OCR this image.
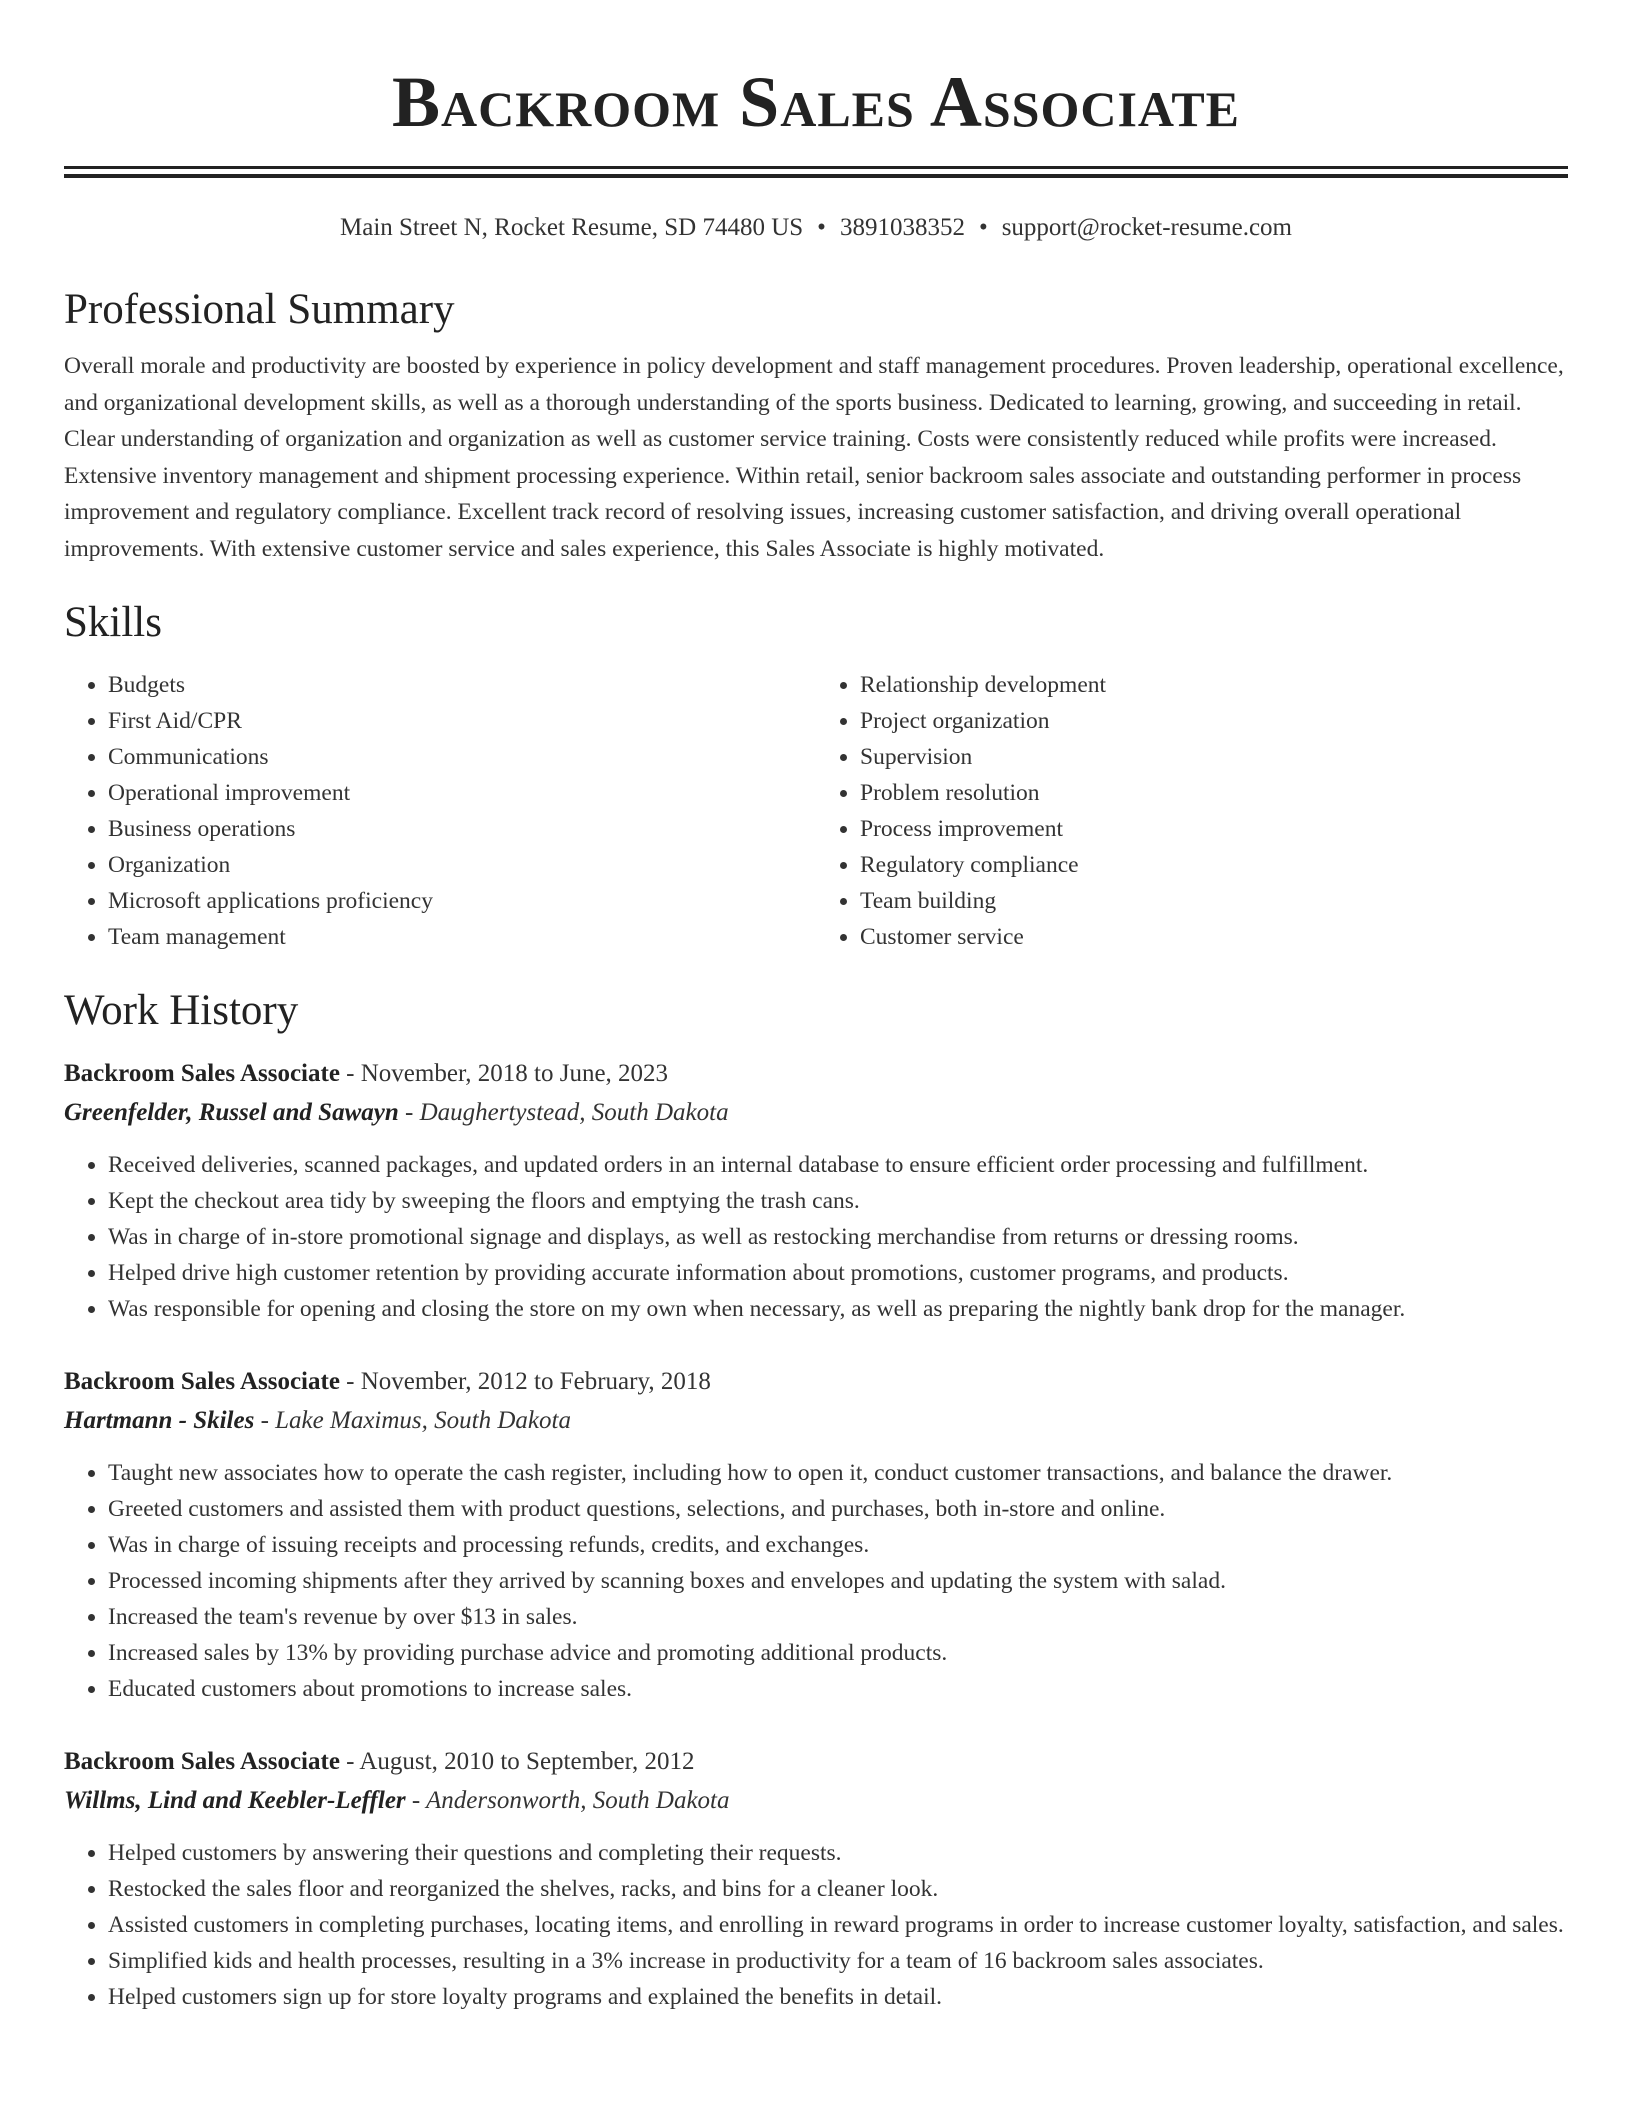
Backroom Sales Associate
Main Street N, Rocket Resume, SD 74480 US • 3891038352 • support@rocket-resume.com
Professional Summary

Overall morale and productivity are boosted by experience in policy development and staff management procedures. Proven leadership, operational excellence, and organizational development skills, as well as a thorough understanding of the sports business. Dedicated to learning, growing, and succeeding in retail. Clear understanding of organization and organization as well as customer service training. Costs were consistently reduced while profits were increased. Extensive inventory management and shipment processing experience. Within retail, senior backroom sales associate and outstanding performer in process improvement and regulatory compliance. Excellent track record of resolving issues, increasing customer satisfaction, and driving overall operational improvements. With extensive customer service and sales experience, this Sales Associate is highly motivated.

Skills
• Budgets
• First Aid/CPR
• Communications
• Operational improvement
• Business operations
• Organization
• Microsoft applications proficiency
• Team management
• Relationship development
• Project organization
• Supervision
• Problem resolution
• Process improvement
• Regulatory compliance
• Team building
• Customer service
Work History
Backroom Sales Associate - November, 2018 to June, 2023
Greenfelder, Russel and Sawayn - Daughertystead, South Dakota
• Received deliveries, scanned packages, and updated orders in an internal database to ensure efficient order processing and fulfillment.
• Kept the checkout area tidy by sweeping the floors and emptying the trash cans.
• Was in charge of in-store promotional signage and displays, as well as restocking merchandise from returns or dressing rooms.
• Helped drive high customer retention by providing accurate information about promotions, customer programs, and products.
• Was responsible for opening and closing the store on my own when necessary, as well as preparing the nightly bank drop for the manager.
Backroom Sales Associate - November, 2012 to February, 2018
Hartmann - Skiles - Lake Maximus, South Dakota
• Taught new associates how to operate the cash register, including how to open it, conduct customer transactions, and balance the drawer.
• Greeted customers and assisted them with product questions, selections, and purchases, both in-store and online.
• Was in charge of issuing receipts and processing refunds, credits, and exchanges.
• Processed incoming shipments after they arrived by scanning boxes and envelopes and updating the system with salad.
• Increased the team's revenue by over $13 in sales.
• Increased sales by 13% by providing purchase advice and promoting additional products.
• Educated customers about promotions to increase sales.
Backroom Sales Associate - August, 2010 to September, 2012
Willms, Lind and Keebler-Leffler - Andersonworth, South Dakota
• Helped customers by answering their questions and completing their requests.
• Restocked the sales floor and reorganized the shelves, racks, and bins for a cleaner look.
• Assisted customers in completing purchases, locating items, and enrolling in reward programs in order to increase customer loyalty, satisfaction, and sales.
• Simplified kids and health processes, resulting in a 3% increase in productivity for a team of 16 backroom sales associates.
• Helped customers sign up for store loyalty programs and explained the benefits in detail.
